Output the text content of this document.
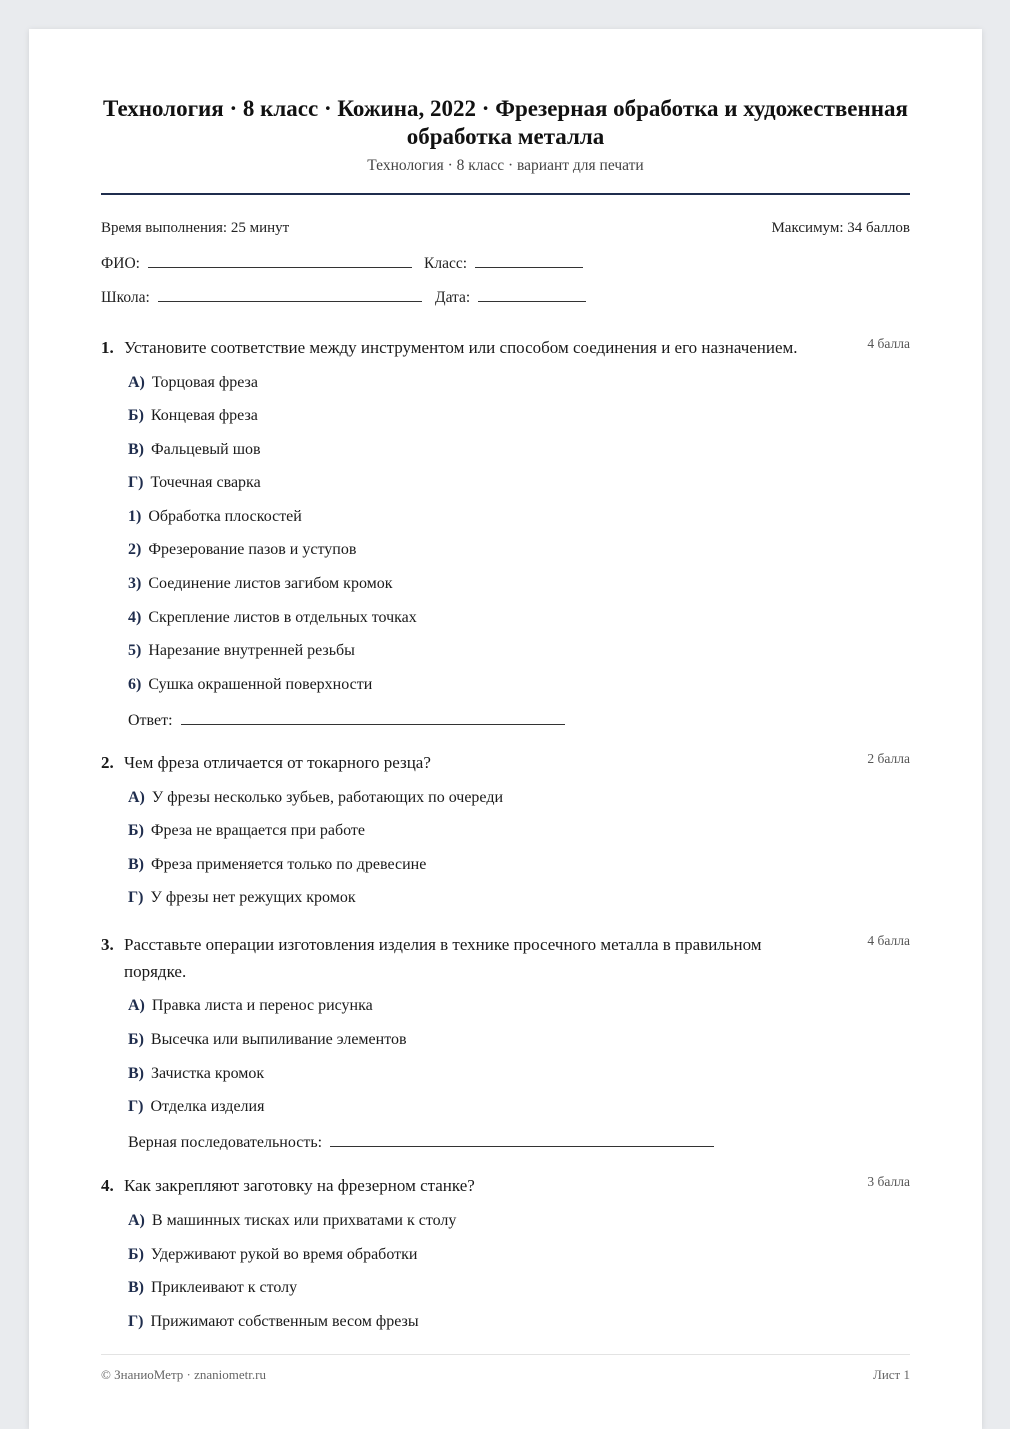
Технология · 8 класс · Кожина, 2022 · Фрезерная обработка и художественная обработка металла
Технология · 8 класс · вариант для печати
Время выполнения: 25 минут	Максимум: 34 баллов
ФИО:	Класс:
Школа:	Дата:
1. Установите соответствие между инструментом или способом соединения и его назначением.	4 балла
А) Торцовая фреза
Б) Концевая фреза
В) Фальцевый шов
Г) Точечная сварка
1) Обработка плоскостей
2) Фрезерование пазов и уступов
3) Соединение листов загибом кромок
4) Скрепление листов в отдельных точках
5) Нарезание внутренней резьбы
6) Сушка окрашенной поверхности
Ответ:
2. Чем фреза отличается от токарного резца?	2 балла
А) У фрезы несколько зубьев, работающих по очереди
Б) Фреза не вращается при работе
В) Фреза применяется только по древесине
Г) У фрезы нет режущих кромок
3. Расставьте операции изготовления изделия в технике просечного металла в правильном порядке.
4 балла
А) Правка листа и перенос рисунка
Б) Высечка или выпиливание элементов
В) Зачистка кромок
Г) Отделка изделия
Верная последовательность:
4. Как закрепляют заготовку на фрезерном станке?	3 балла
А) В машинных тисках или прихватами к столу
Б) Удерживают рукой во время обработки
В) Приклеивают к столу
Г) Прижимают собственным весом фрезы
© ЗнаниоМетр · znaniometr.ru	Лист 1
